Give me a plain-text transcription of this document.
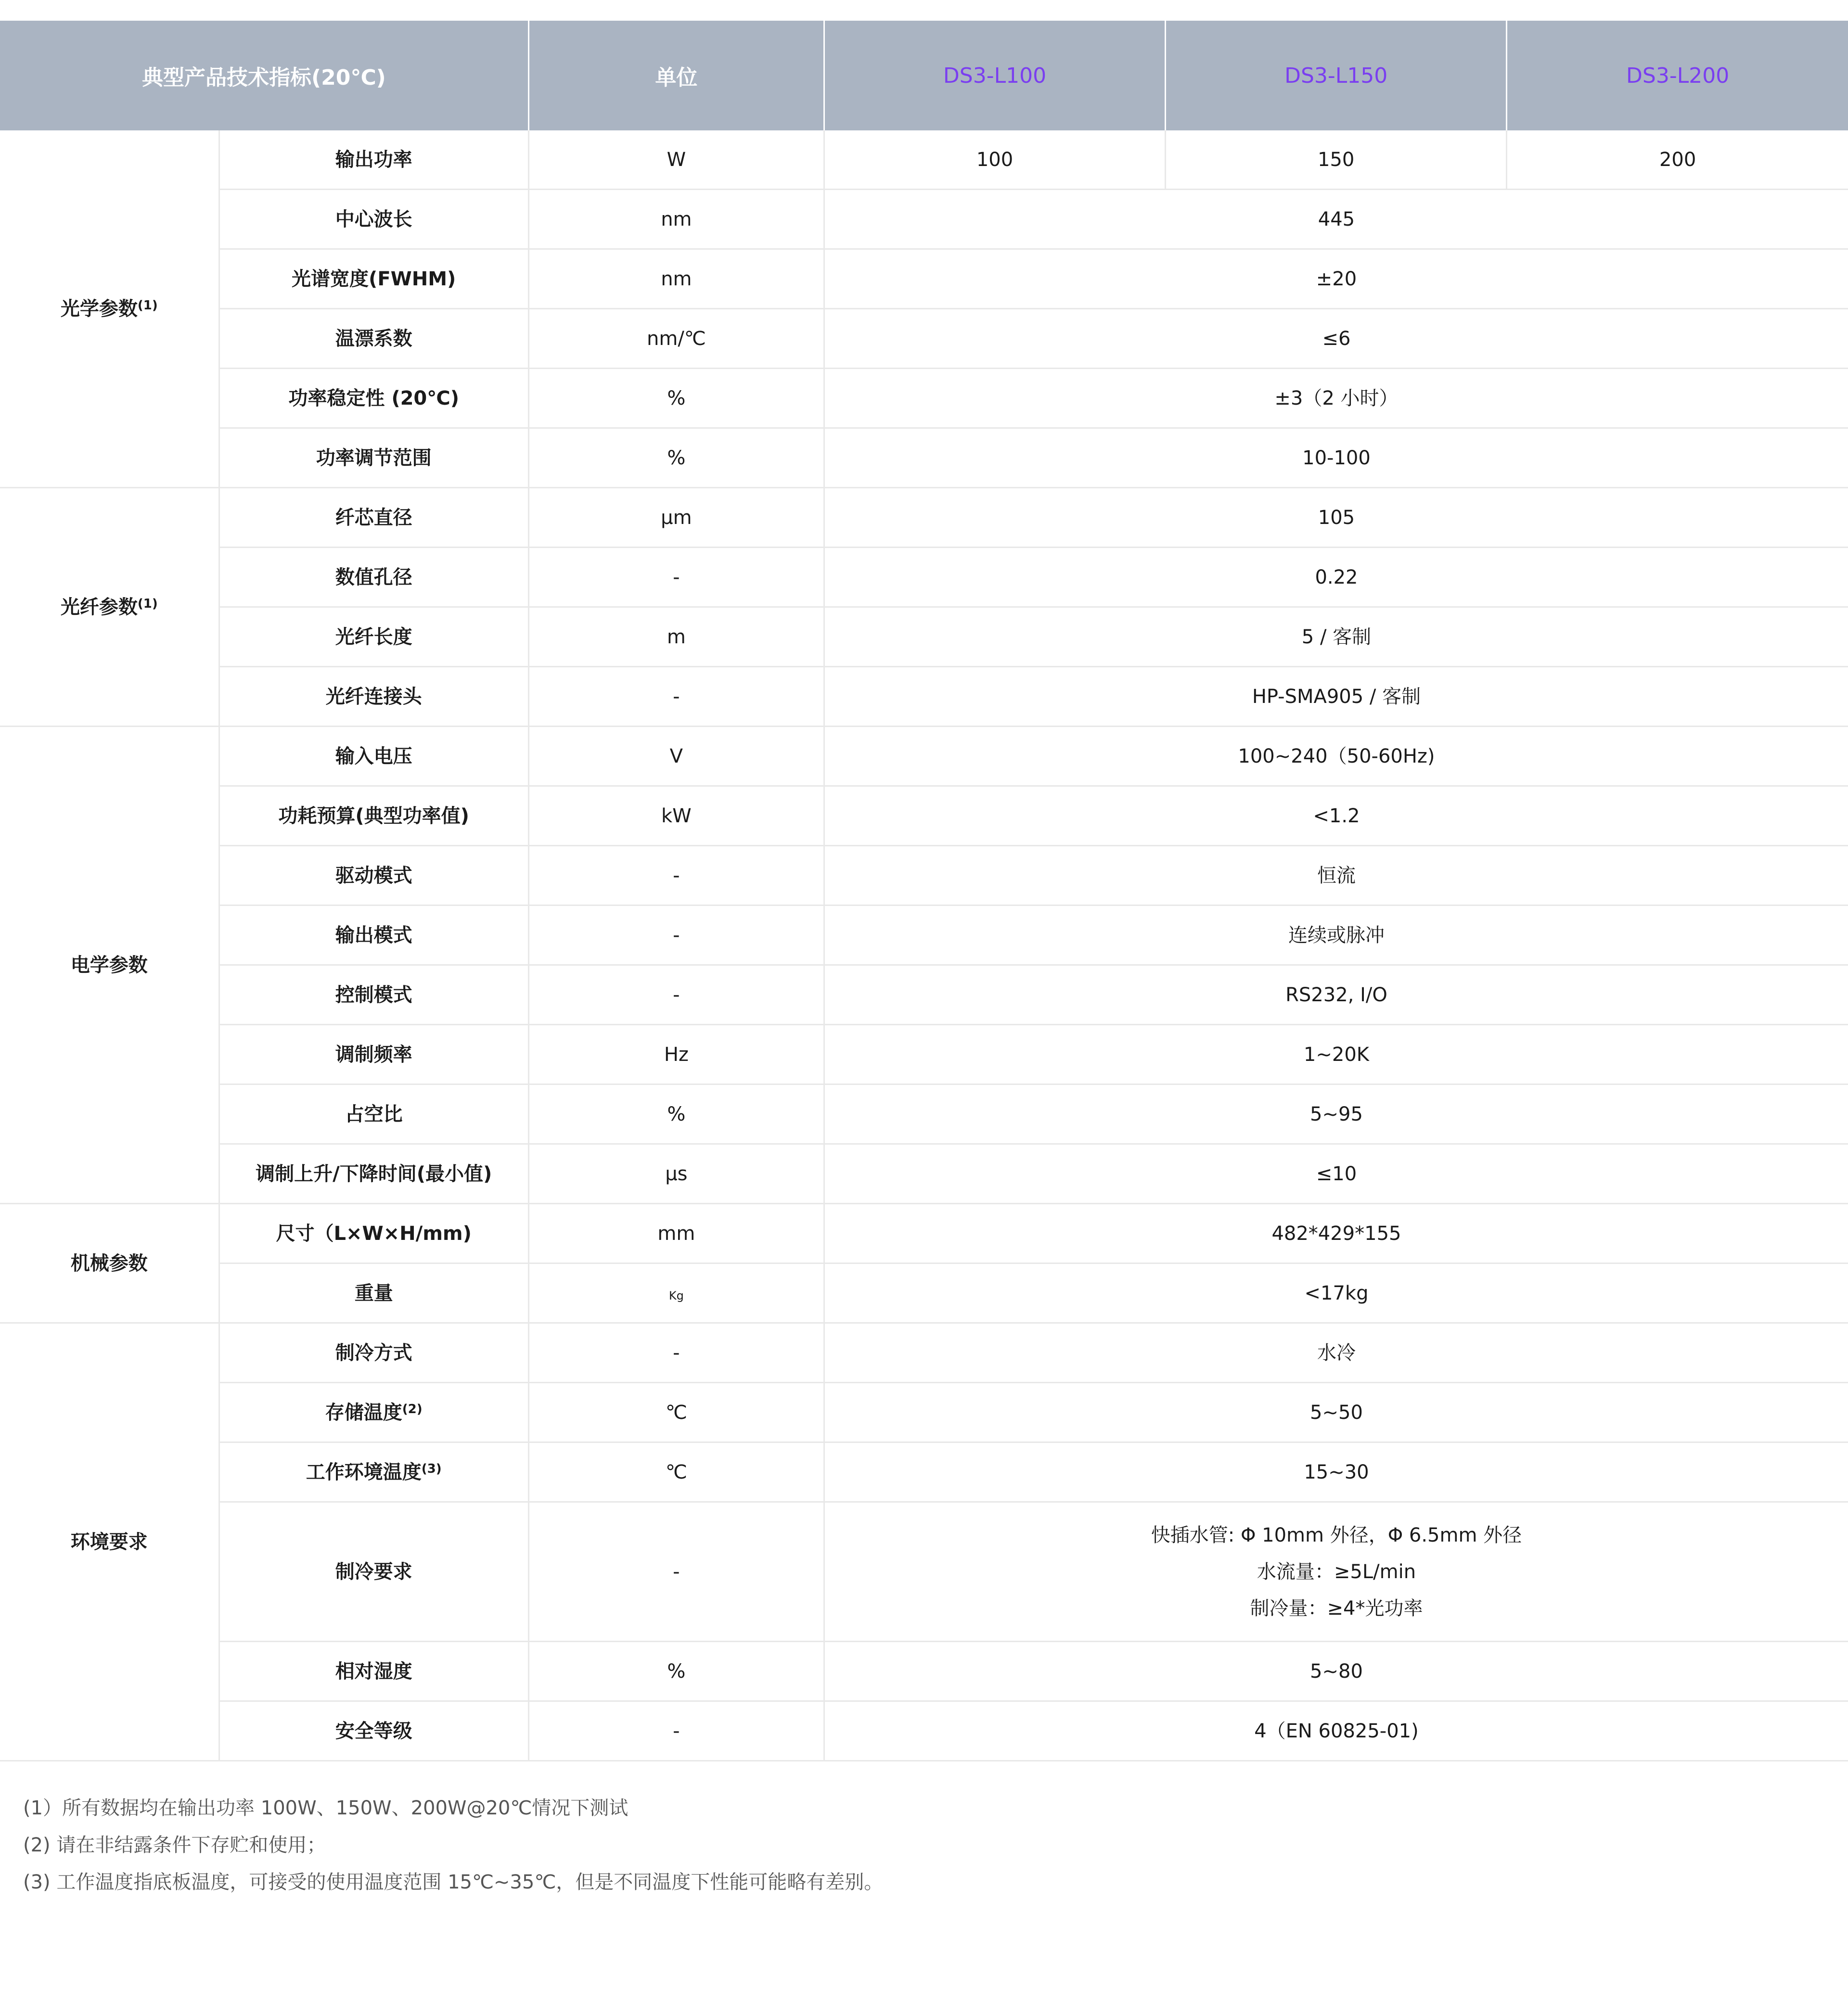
典型产品技术指标(20℃)		单位	DS3-L100	DS3-L150	DS3-L200
光学参数$^{(1)}$	输出功率	W	100	150	200
	中心波长	nm	445		
	光谱宽度(FWHM)	nm	±20		
	温漂系数	nm/℃	≤6		
	功率稳定性 (20℃)	%	±3（2 小时）		
	功率调节范围	%	10-100		
光纤参数$^{(1)}$	纤芯直径	μm	105		
	数值孔径	-	0.22		
	光纤长度	m	5 / 客制		
	光纤连接头	-	HP-SMA905 / 客制		
电学参数	输入电压	V	100~240（50-60Hz)		
	功耗预算(典型功率值)	kW	<1.2		
	驱动模式	-	恒流		
	输出模式	-	连续或脉冲		
	控制模式	-	RS232, I/O		
	调制频率	Hz	1~20K		
	占空比	%	5~95		
	调制上升/下降时间(最小值)	μs	≤10		
机械参数	尺寸（L×W×H/mm)	mm	482*429*155		
	重量	Kg	<17kg		
环境要求	制冷方式	-	水冷		
	存储温度$^{(2)}$	℃	5~50		
	工作环境温度$^{(3)}$	℃	15~30		
	制冷要求	-	快插水管: Φ 10mm 外径，Φ 6.5mm 外径
水流量：≥5L/min
制冷量：≥4*光功率		

	相对湿度	%	5~80		
	安全等级	-	4（EN 60825-01)		
(1）所有数据均在输出功率 100W、150W、200W@20℃情况下测试
(2) 请在非结露条件下存贮和使用；
(3) 工作温度指底板温度，可接受的使用温度范围 15℃~35℃，但是不同温度下性能可能略有差别。
